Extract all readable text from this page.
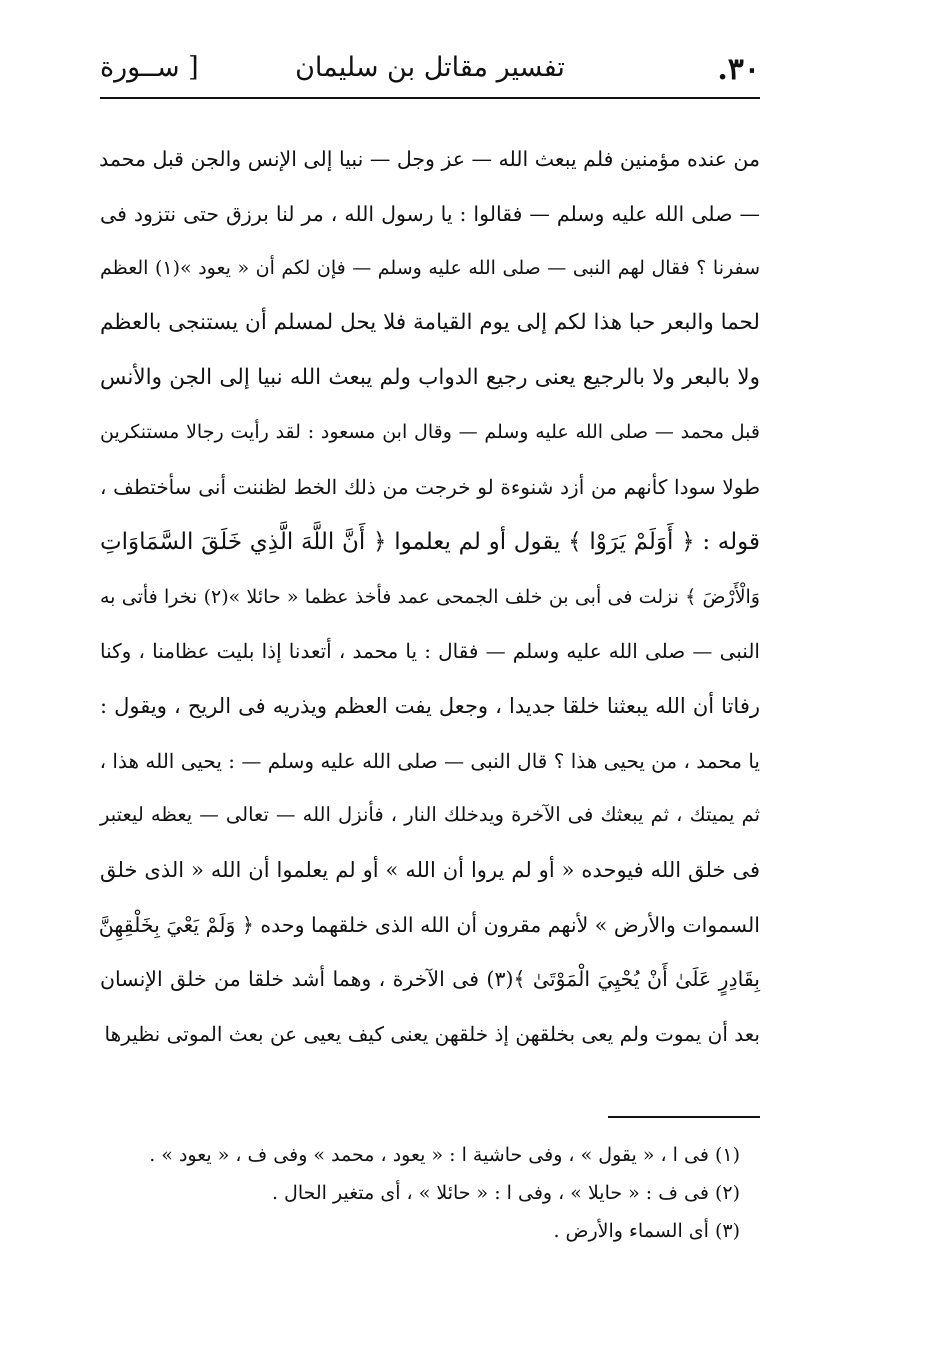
٣٠.
تفسير مقاتل بن سليمان
[ ســورة
من عنده مؤمنين فلم يبعث الله — عز وجل — نبيا إلى الإنس والجن قبل محمد
— صلى الله عليه وسلم — فقالوا : يا رسول الله ، مر لنا برزق حتى نتزود فى
سفرنا ؟ فقال لهم النبى — صلى الله عليه وسلم — فإن لكم أن « يعود »(١) العظم
لحما والبعر حبا هذا لكم إلى يوم القيامة فلا يحل لمسلم أن يستنجى بالعظم
ولا بالبعر ولا بالرجيع يعنى رجيع الدواب ولم يبعث الله نبيا إلى الجن والأنس
قبل محمد — صلى الله عليه وسلم — وقال ابن مسعود : لقد رأيت رجالا مستنكرين
طولا سودا كأنهم من أزد شنوءة لو خرجت من ذلك الخط لظننت أنى سأختطف ،
قوله : ﴿ أَوَلَمْ يَرَوْا ﴾ يقول أو لم يعلموا ﴿ أَنَّ اللَّهَ الَّذِي خَلَقَ السَّمَاوَاتِ
وَالْأَرْضَ ﴾ نزلت فى أبى بن خلف الجمحى عمد فأخذ عظما « حائلا »(٢) نخرا فأتى به
النبى — صلى الله عليه وسلم — فقال : يا محمد ، أتعدنا إذا بليت عظامنا ، وكنا
رفاتا أن الله يبعثنا خلقا جديدا ، وجعل يفت العظم ويذريه فى الريح ، ويقول :
يا محمد ، من يحيى هذا ؟ قال النبى — صلى الله عليه وسلم — : يحيى الله هذا ،
ثم يميتك ، ثم يبعثك فى الآخرة ويدخلك النار ، فأنزل الله — تعالى — يعظه ليعتبر
فى خلق الله فيوحده « أو لم يروا أن الله » أو لم يعلموا أن الله « الذى خلق
السموات والأرض » لأنهم مقرون أن الله الذى خلقهما وحده ﴿ وَلَمْ يَعْيَ بِخَلْقِهِنَّ
بِقَادِرٍ عَلَىٰ أَنْ يُحْيِيَ الْمَوْتَىٰ ﴾(٣) فى الآخرة ، وهما أشد خلقا من خلق الإنسان
بعد أن يموت ولم يعى بخلقهن إذ خلقهن يعنى كيف يعيى عن بعث الموتى نظيرها
(١) فى ا ، « يقول » ، وفى حاشية ا : « يعود ، محمد » وفى ف ، « يعود » .
(٢) فى ف : « حايلا » ، وفى ا : « حائلا » ، أى متغير الحال .
(٣) أى السماء والأرض .
